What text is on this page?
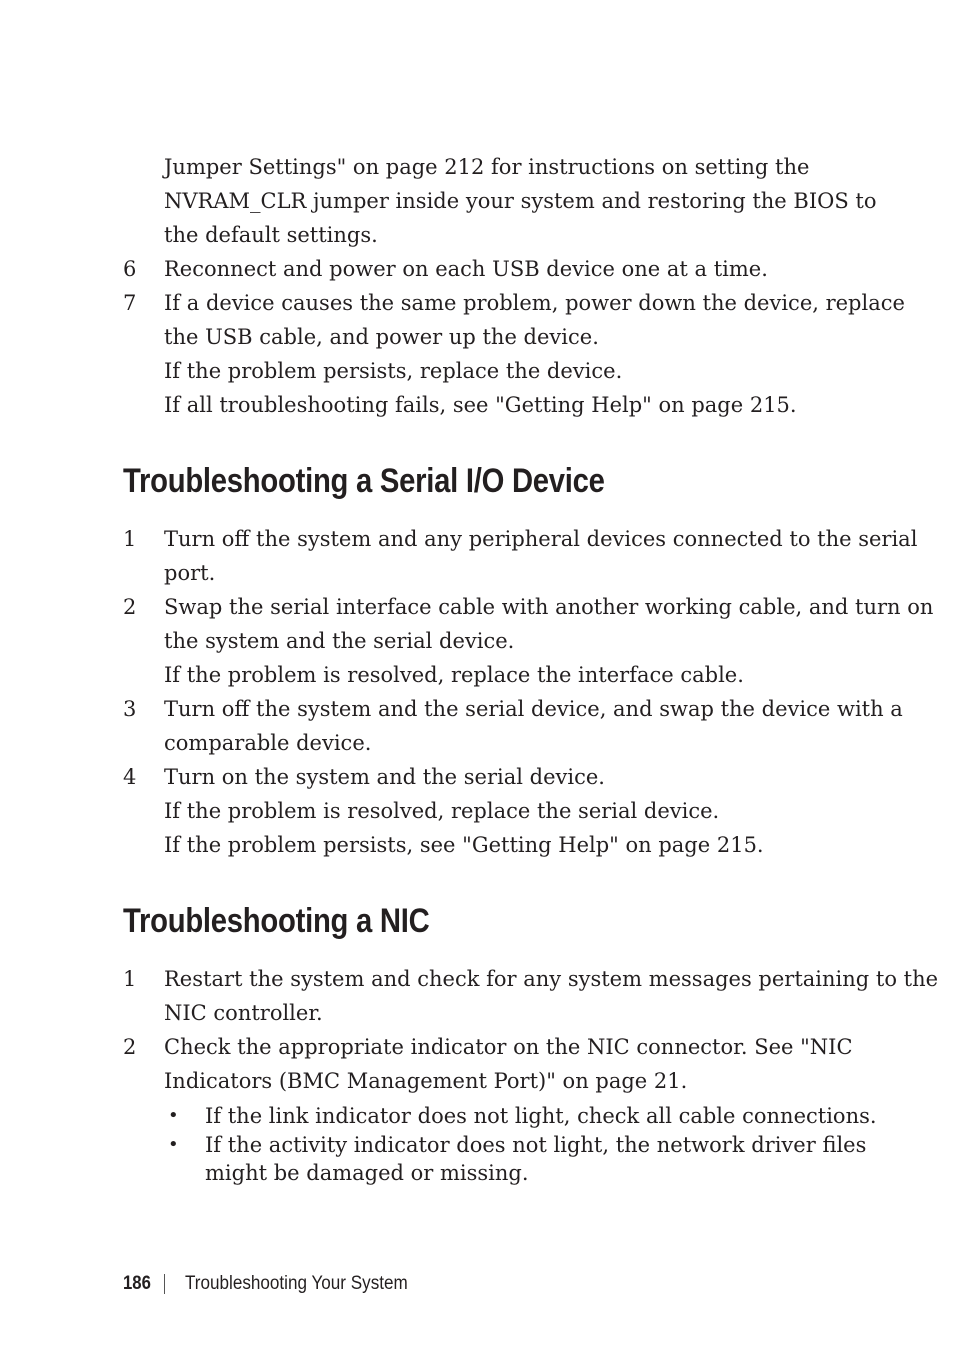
Jumper Settings" on page 212 for instructions on setting the
NVRAM_CLR jumper inside your system and restoring the BIOS to
the default settings.

6	Reconnect and power on each USB device one at a time.
7	If a device causes the same problem, power down the device, replace
the USB cable, and power up the device.

If the problem persists, replace the device.
If all troubleshooting fails, see "Getting Help" on page 215.

Troubleshooting a Serial I/O Device
1	Turn off the system and any peripheral devices connected to the serial
port.
2	Swap the serial interface cable with another working cable, and turn on
the system and the serial device.

If the problem is resolved, replace the interface cable.

3	Turn off the system and the serial device, and swap the device with a
comparable device.
4	Turn on the system and the serial device.

If the problem is resolved, replace the serial device.
If the problem persists, see "Getting Help" on page 215.

Troubleshooting a NIC
1	Restart the system and check for any system messages pertaining to the
NIC controller.
2	Check the appropriate indicator on the NIC connector. See "NIC
Indicators (BMC Management Port)" on page 21.
• If the link indicator does not light, check all cable connections.
• If the activity indicator does not light, the network driver files
might be damaged or missing.
186 Troubleshooting Your System
